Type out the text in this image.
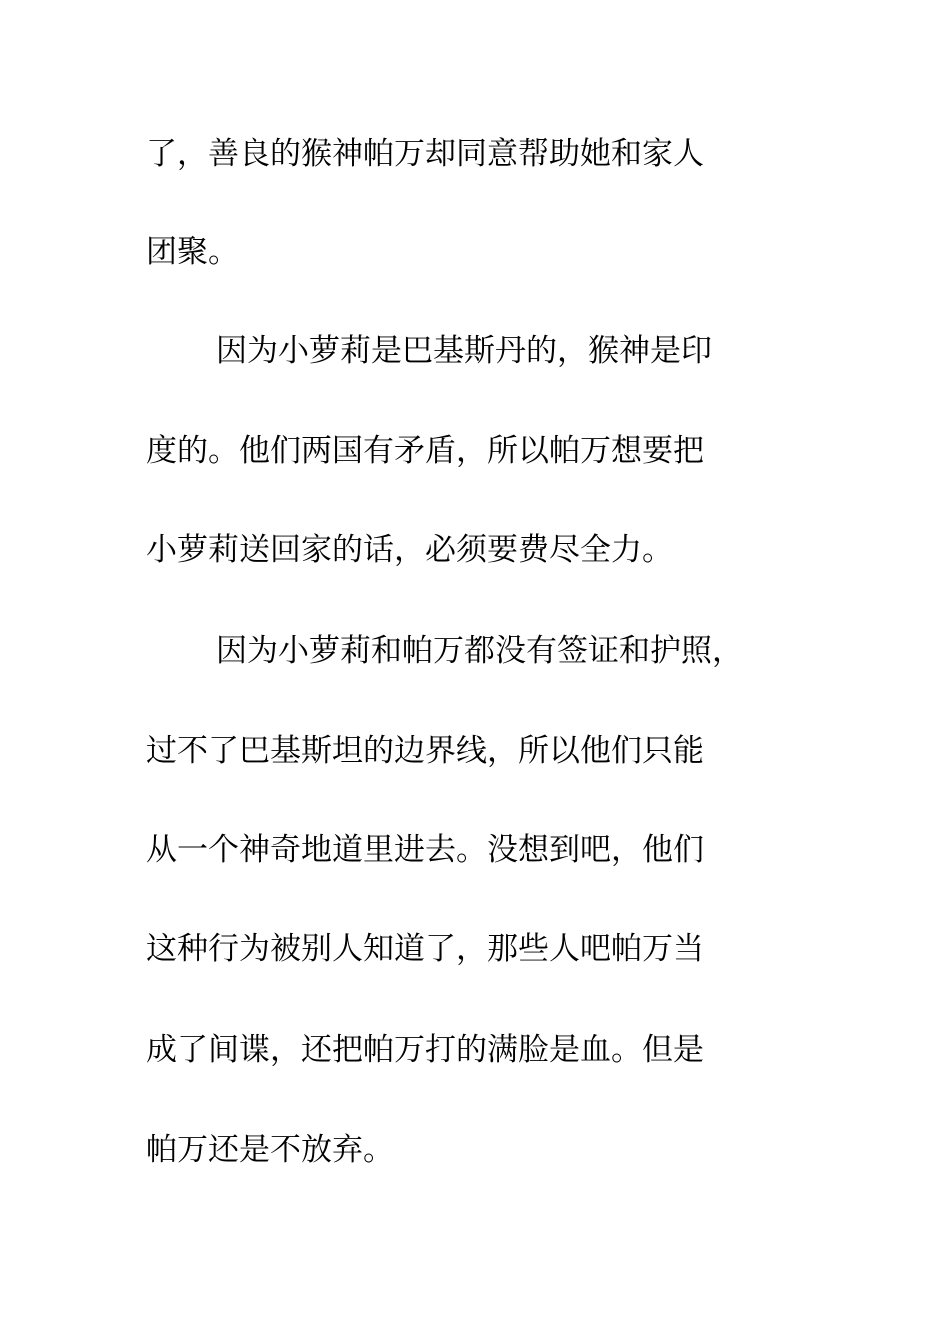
了，善良的猴神帕万却同意帮助她和家人
团聚。
因为小萝莉是巴基斯丹的，猴神是印
度的。他们两国有矛盾，所以帕万想要把
小萝莉送回家的话，必须要费尽全力。
因为小萝莉和帕万都没有签证和护照，
过不了巴基斯坦的边界线，所以他们只能
从一个神奇地道里进去。没想到吧，他们
这种行为被别人知道了，那些人吧帕万当
成了间谍，还把帕万打的满脸是血。但是
帕万还是不放弃。
